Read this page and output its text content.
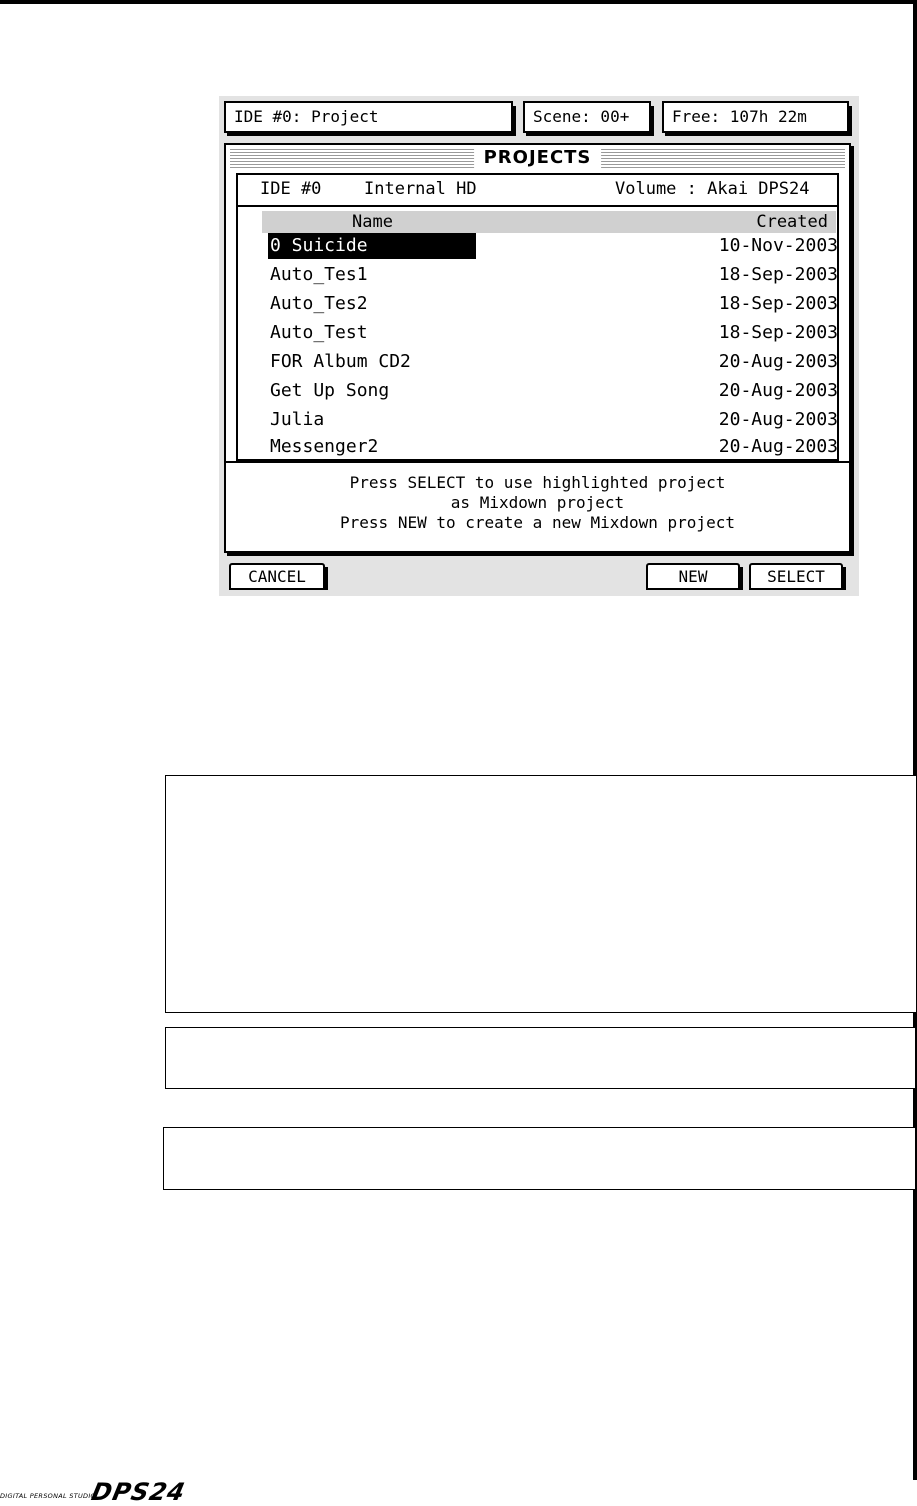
IDE #0: Project	Scene: 00+	Free: 107h 22m
PROJECTS

IDE #0

	Internal HD

	Volume : Akai DPS24

Name	Created
0 Suicide	10-Nov-2003
Auto_Tes1	18-Sep-2003
Auto_Tes2	18-Sep-2003
Auto_Test	18-Sep-2003
FOR Album CD2	20-Aug-2003
Get Up Song	20-Aug-2003
Julia	20-Aug-2003
Messenger2	20-Aug-2003
Press SELECT to use highlighted project
as Mixdown project
Press NEW to create a new Mixdown project
CANCEL	NEW	SELECT
DIGITAL PERSONAL STUDIO
DPS24
